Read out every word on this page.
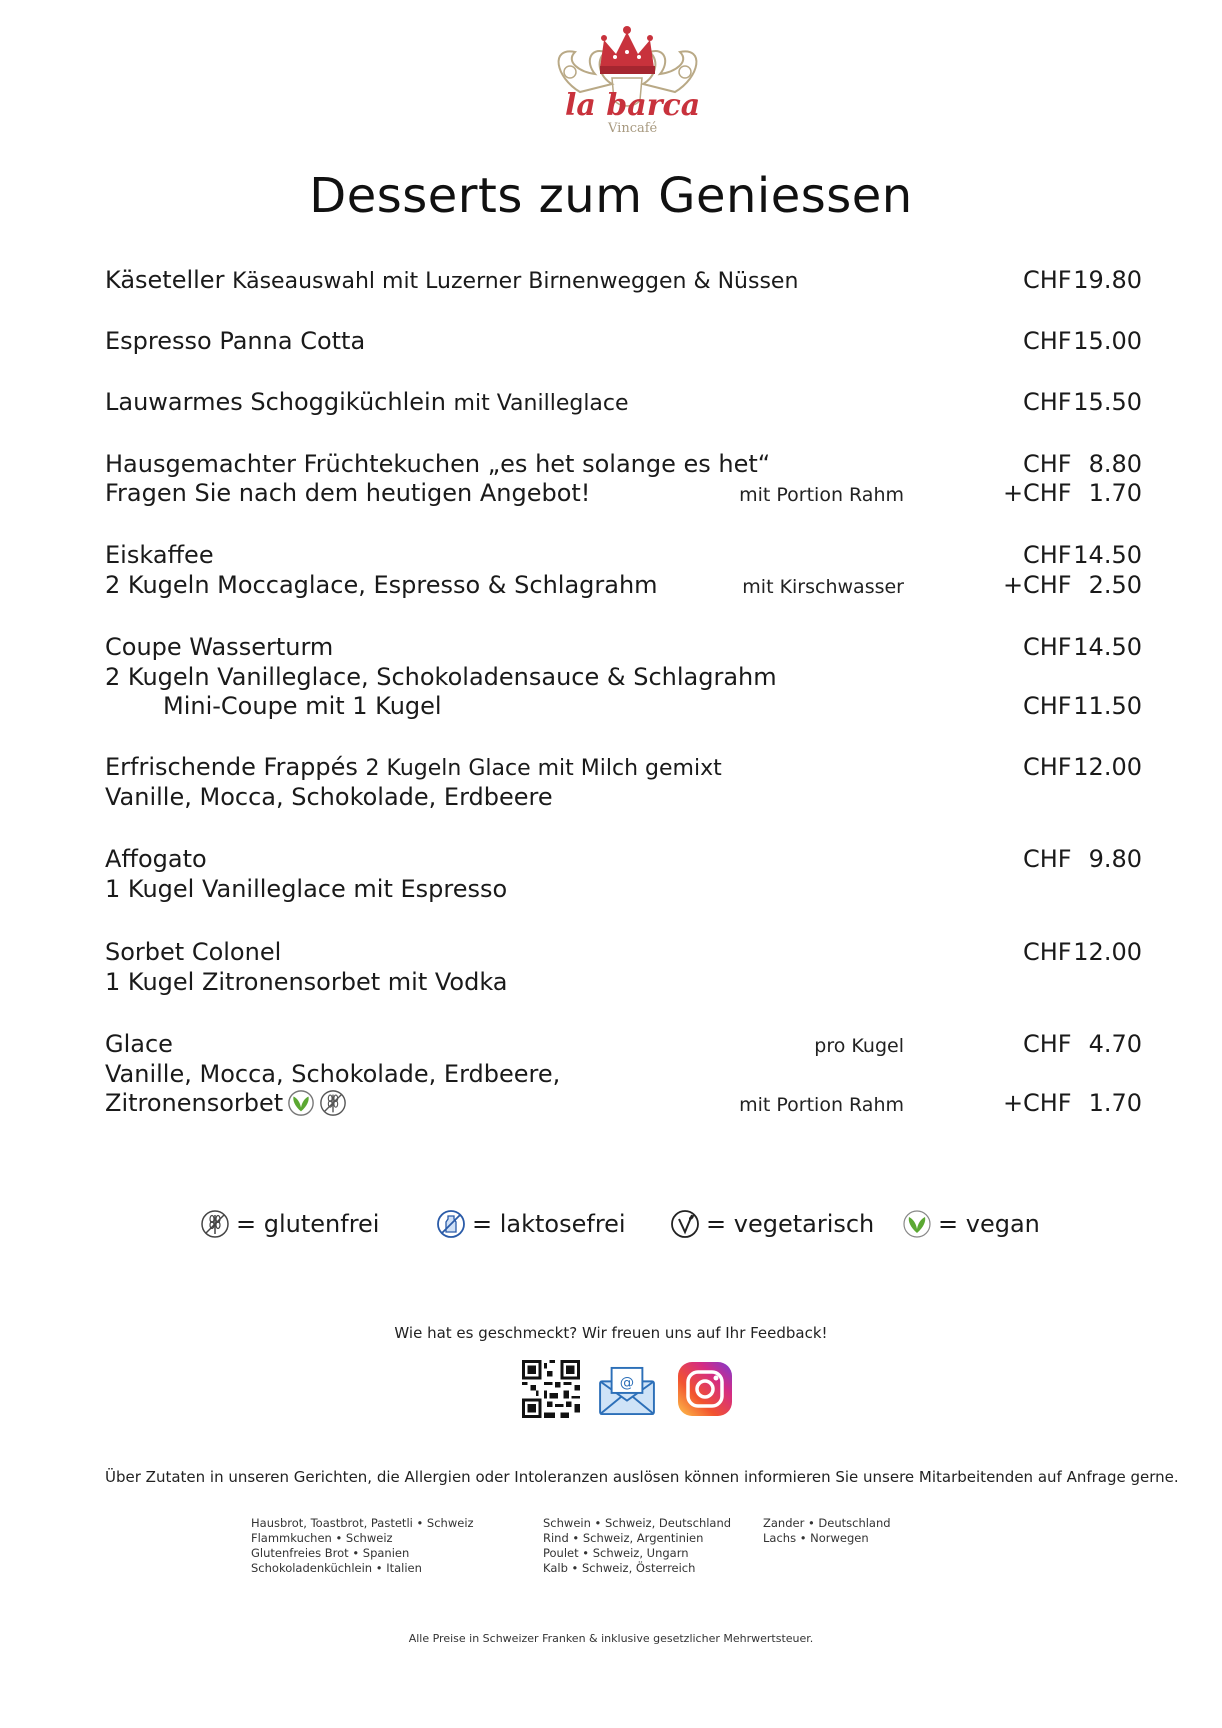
la barca
Vincafé
Desserts zum Geniessen
Käseteller Käseauswahl mit Luzerner Birnenweggen & Nüssen	CHF 19.80
Espresso Panna Cotta	CHF 15.00
Lauwarmes Schoggiküchlein mit Vanilleglace	CHF 15.50
Hausgemachter Früchtekuchen „es het solange es het“	CHF 8.80
Fragen Sie nach dem heutigen Angebot!	mit Portion Rahm	+ CHF 1.70
Eiskaffee	CHF 14.50
2 Kugeln Moccaglace, Espresso & Schlagrahm	mit Kirschwasser	+ CHF 2.50
Coupe Wasserturm	CHF 14.50
2 Kugeln Vanilleglace, Schokoladensauce & Schlagrahm
Mini-Coupe mit 1 Kugel	CHF 11.50
Erfrischende Frappés 2 Kugeln Glace mit Milch gemixt	CHF 12.00
Vanille, Mocca, Schokolade, Erdbeere
Affogato	CHF 9.80
1 Kugel Vanilleglace mit Espresso
Sorbet Colonel	CHF 12.00
1 Kugel Zitronensorbet mit Vodka
Glace	pro Kugel	CHF 4.70
Vanille, Mocca, Schokolade, Erdbeere,
Zitronensorbet	mit Portion Rahm	+ CHF 1.70
= glutenfrei	= laktosefrei	= vegetarisch	= vegan
Wie hat es geschmeckt? Wir freuen uns auf Ihr Feedback!
@
Über Zutaten in unseren Gerichten, die Allergien oder Intoleranzen auslösen können informieren Sie unsere Mitarbeitenden auf Anfrage gerne.
Hausbrot, Toastbrot, Pastetli • Schweiz
Flammkuchen • Schweiz
Glutenfreies Brot • Spanien
Schokoladenküchlein • Italien
Schwein • Schweiz, Deutschland
Rind • Schweiz, Argentinien
Poulet • Schweiz, Ungarn
Kalb • Schweiz, Österreich
Zander • Deutschland
Lachs • Norwegen
Alle Preise in Schweizer Franken & inklusive gesetzlicher Mehrwertsteuer.
